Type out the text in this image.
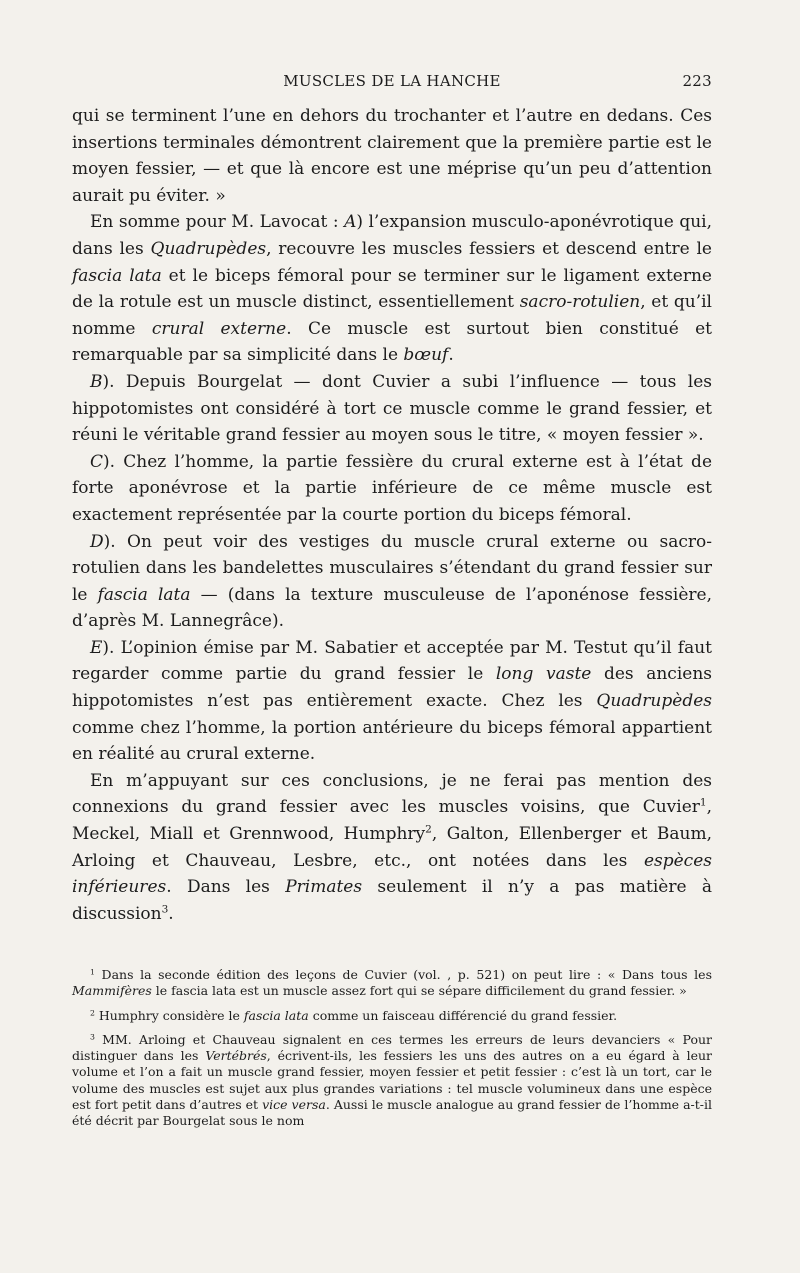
MUSCLES DE LA HANCHE	223

qui se terminent l’une en dehors du trochanter et l’autre en dedans. Ces insertions terminales démontrent clairement que la première partie est le moyen fessier, — et que là encore est une méprise qu’un peu d’attention aurait pu éviter. »

En somme pour M. Lavocat : A) l’expansion musculo-aponévrotique qui, dans les Quadrupèdes, recouvre les muscles fessiers et descend entre le fascia lata et le biceps fémoral pour se terminer sur le ligament externe de la rotule est un muscle distinct, essentiellement sacro-rotulien, et qu’il nomme crural externe. Ce muscle est surtout bien constitué et remarquable par sa simplicité dans le bœuf.

B). Depuis Bourgelat — dont Cuvier a subi l’influence — tous les hippotomistes ont considéré à tort ce muscle comme le grand fessier, et réuni le véritable grand fessier au moyen sous le titre, « moyen fessier ».

C). Chez l’homme, la partie fessière du crural externe est à l’état de forte aponévrose et la partie inférieure de ce même muscle est exactement représentée par la courte portion du biceps fémoral.

D). On peut voir des vestiges du muscle crural externe ou sacro-rotulien dans les bandelettes musculaires s’étendant du grand fessier sur le fascia lata — (dans la texture musculeuse de l’aponénose fessière, d’après M. Lannegrâce).

E). L’opinion émise par M. Sabatier et acceptée par M. Testut qu’il faut regarder comme partie du grand fessier le long vaste des anciens hippotomistes n’est pas entièrement exacte. Chez les Quadrupèdes comme chez l’homme, la portion antérieure du biceps fémoral appartient en réalité au crural externe.

En m’appuyant sur ces conclusions, je ne ferai pas mention des connexions du grand fessier avec les muscles voisins, que Cuvier$^1$, Meckel, Miall et Grennwood, Humphry$^2$, Galton, Ellenberger et Baum, Arloing et Chauveau, Lesbre, etc., ont notées dans les espèces inférieures. Dans les Primates seulement il n’y a pas matière à discussion$^3$.

$^1$ Dans la seconde édition des leçons de Cuvier (vol. , p. 521) on peut lire : « Dans tous les Mammifères le fascia lata est un muscle assez fort qui se sépare difficilement du grand fessier. »

$^2$ Humphry considère le fascia lata comme un faisceau différencié du grand fessier.

$^3$ MM. Arloing et Chauveau signalent en ces termes les erreurs de leurs devanciers « Pour distinguer dans les Vertébrés, écrivent-ils, les fessiers les uns des autres on a eu égard à leur volume et l’on a fait un muscle grand fessier, moyen fessier et petit fessier : c’est là un tort, car le volume des muscles est sujet aux plus grandes variations : tel muscle volumineux dans une espèce est fort petit dans d’autres et vice versa. Aussi le muscle analogue au grand fessier de l’homme a-t-il été décrit par Bourgelat sous le nom
